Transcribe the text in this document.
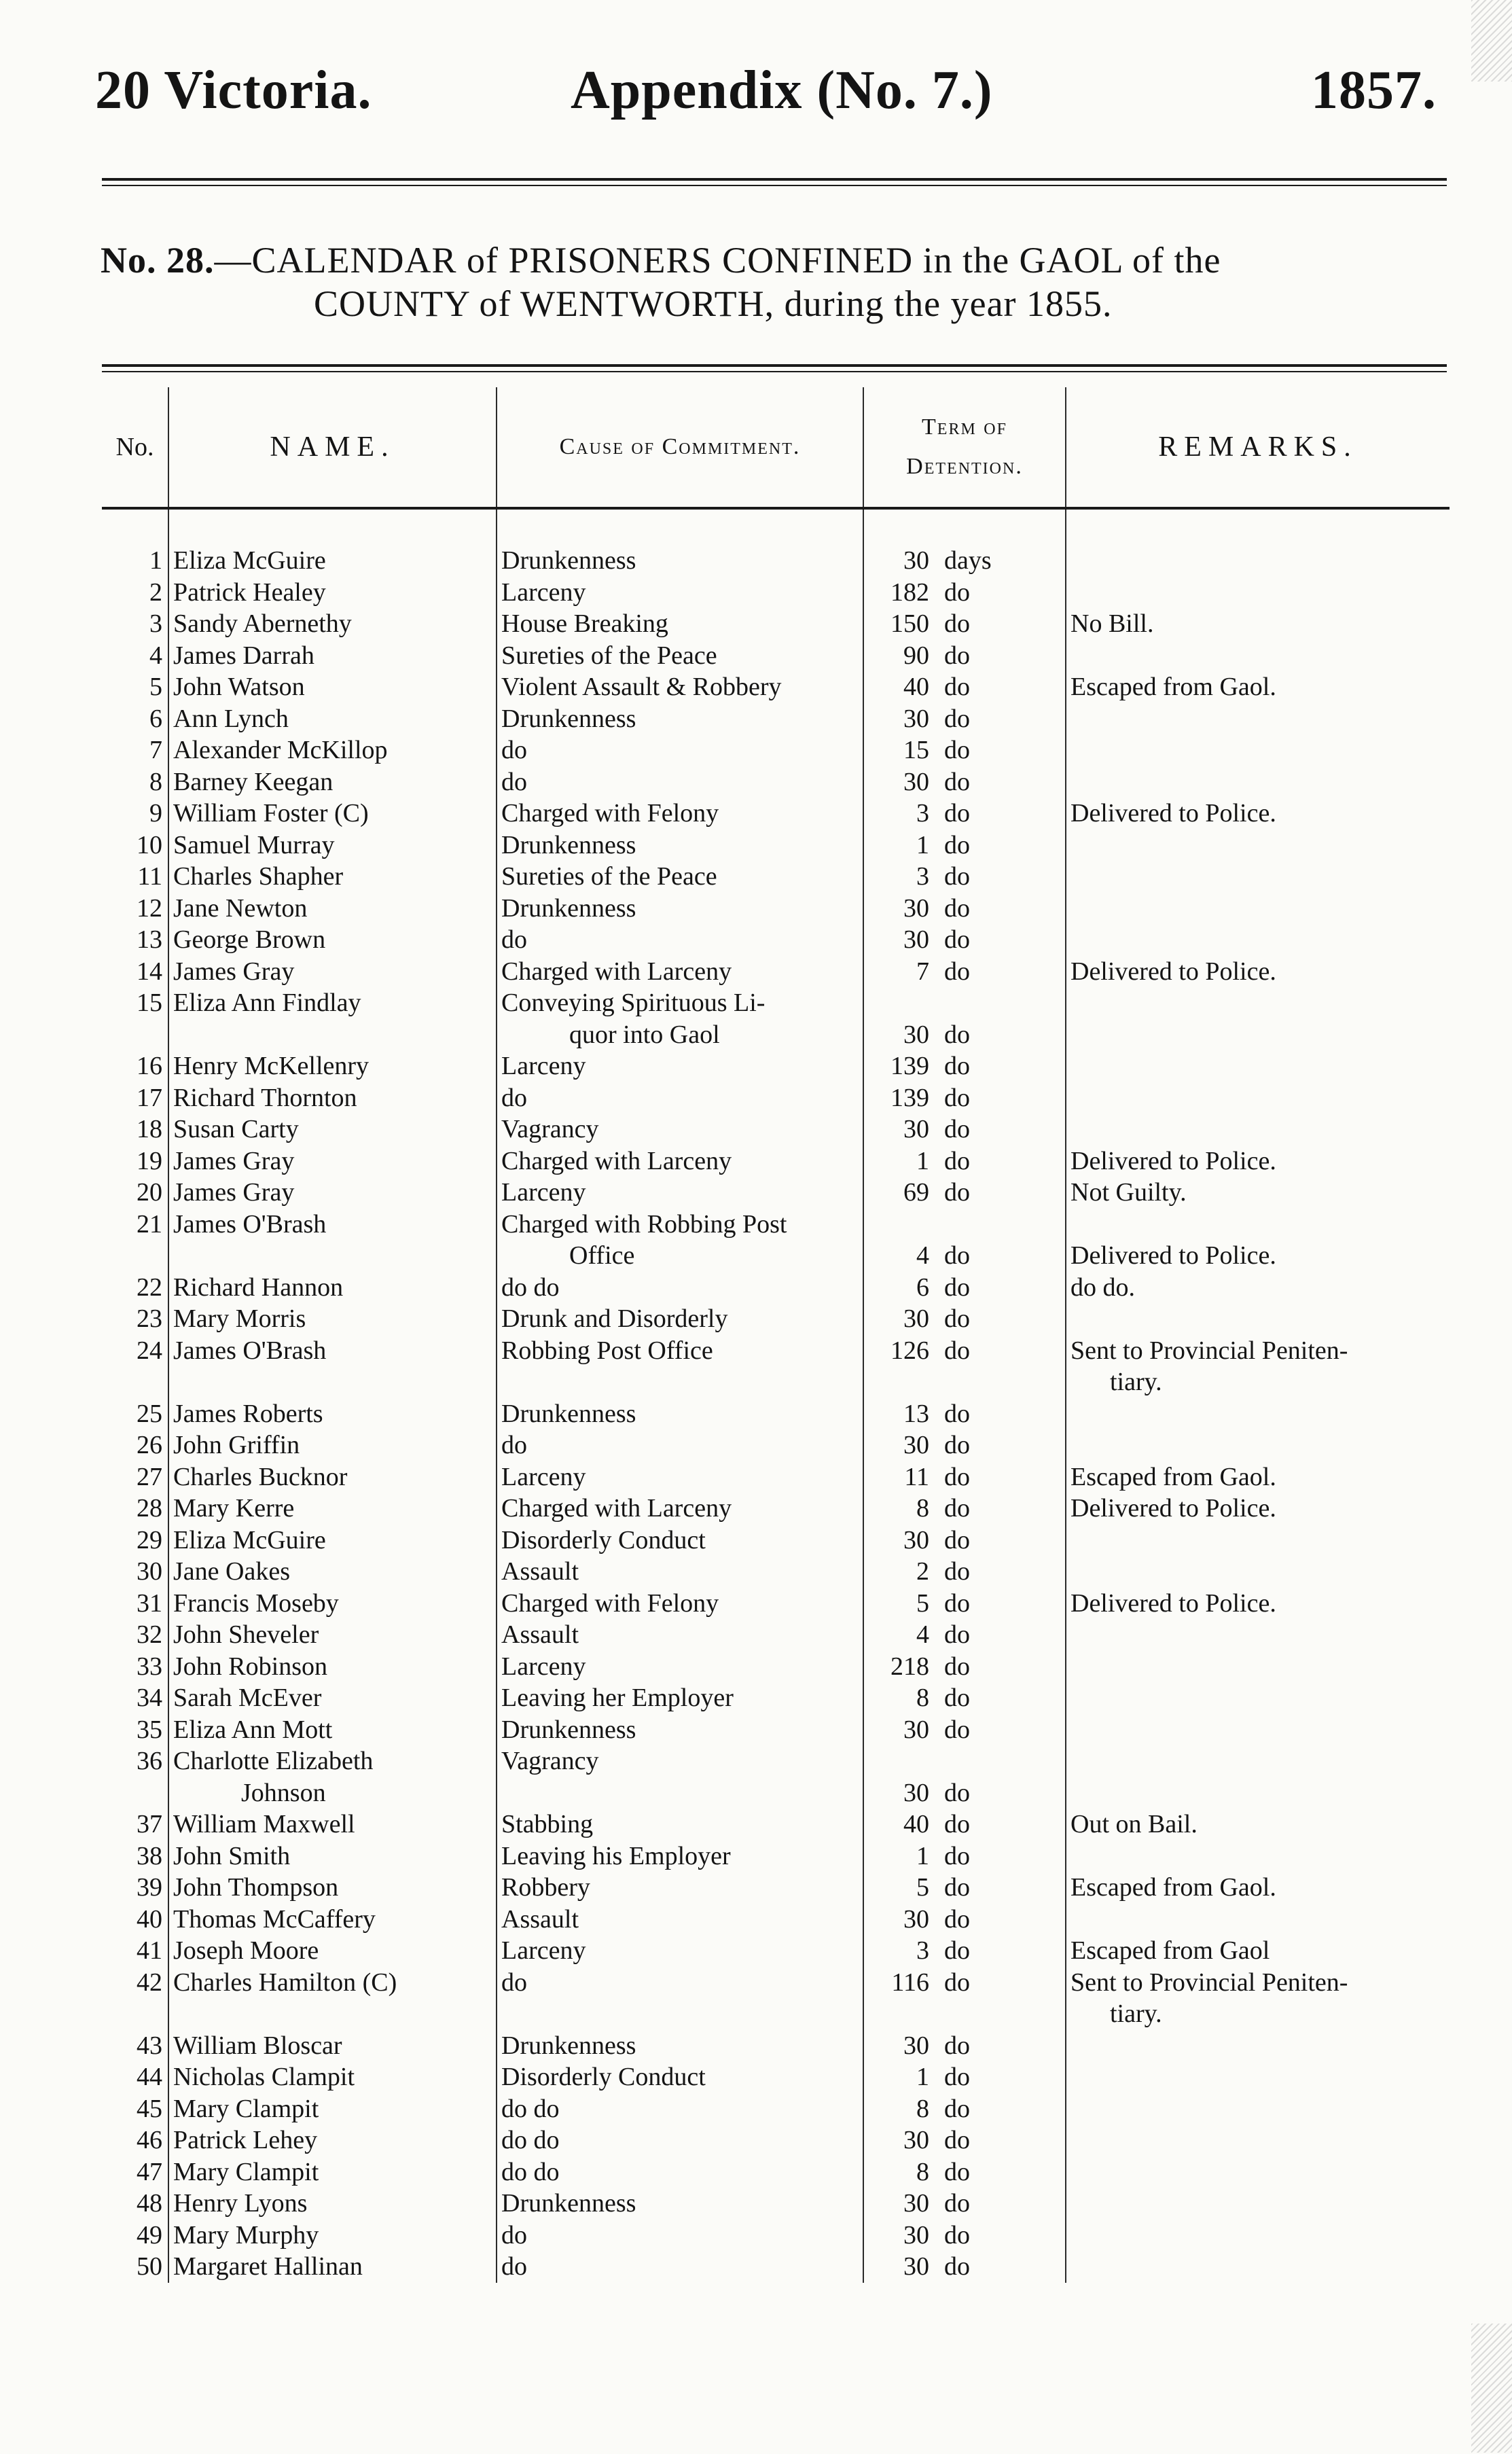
20 Victoria.	Appendix (No. 7.)	1857.
No. 28.—CALENDAR of PRISONERS CONFINED in the GAOL of the
COUNTY of WENTWORTH, during the year 1855.
No.	NAME.	Cause of Commitment.	Term of
Detention.	REMARKS.

1	Eliza McGuire	Drunkenness	30 days	
2	Patrick Healey	Larceny	182 do	
3	Sandy Abernethy	House Breaking	150 do	No Bill.
4	James Darrah	Sureties of the Peace	90 do	
5	John Watson	Violent Assault & Robbery	40 do	Escaped from Gaol.
6	Ann Lynch	Drunkenness	30 do	
7	Alexander McKillop	do	15 do	
8	Barney Keegan	do	30 do	
9	William Foster (C)	Charged with Felony	3 do	Delivered to Police.
10	Samuel Murray	Drunkenness	1 do	
11	Charles Shapher	Sureties of the Peace	3 do	
12	Jane Newton	Drunkenness	30 do	
13	George Brown	do	30 do	
14	James Gray	Charged with Larceny	7 do	Delivered to Police.
15	Eliza Ann Findlay	Conveying Spirituous Li-
quor into Gaol	30 do	
16	Henry McKellenry	Larceny	139 do	
17	Richard Thornton	do	139 do	
18	Susan Carty	Vagrancy	30 do	
19	James Gray	Charged with Larceny	1 do	Delivered to Police.
20	James Gray	Larceny	69 do	Not Guilty.
21	James O'Brash	Charged with Robbing Post
Office	4 do	Delivered to Police.
22	Richard Hannon	do do	6 do	do do.
23	Mary Morris	Drunk and Disorderly	30 do	
24	James O'Brash	Robbing Post Office	126 do	Sent to Provincial Peniten-
tiary.

25	James Roberts	Drunkenness	13 do	
26	John Griffin	do	30 do	
27	Charles Bucknor	Larceny	11 do	Escaped from Gaol.
28	Mary Kerre	Charged with Larceny	8 do	Delivered to Police.
29	Eliza McGuire	Disorderly Conduct	30 do	
30	Jane Oakes	Assault	2 do	
31	Francis Moseby	Charged with Felony	5 do	Delivered to Police.
32	John Sheveler	Assault	4 do	
33	John Robinson	Larceny	218 do	
34	Sarah McEver	Leaving her Employer	8 do	
35	Eliza Ann Mott	Drunkenness	30 do	
36	Charlotte Elizabeth
Johnson	Vagrancy	30 do	
37	William Maxwell	Stabbing	40 do	Out on Bail.
38	John Smith	Leaving his Employer	1 do	
39	John Thompson	Robbery	5 do	Escaped from Gaol.
40	Thomas McCaffery	Assault	30 do	
41	Joseph Moore	Larceny	3 do	Escaped from Gaol
42	Charles Hamilton (C)	do	116 do	Sent to Provincial Peniten-
tiary.

43	William Bloscar	Drunkenness	30 do	
44	Nicholas Clampit	Disorderly Conduct	1 do	
45	Mary Clampit	do do	8 do	
46	Patrick Lehey	do do	30 do	
47	Mary Clampit	do do	8 do	
48	Henry Lyons	Drunkenness	30 do	
49	Mary Murphy	do	30 do	
50	Margaret Hallinan	do	30 do	
